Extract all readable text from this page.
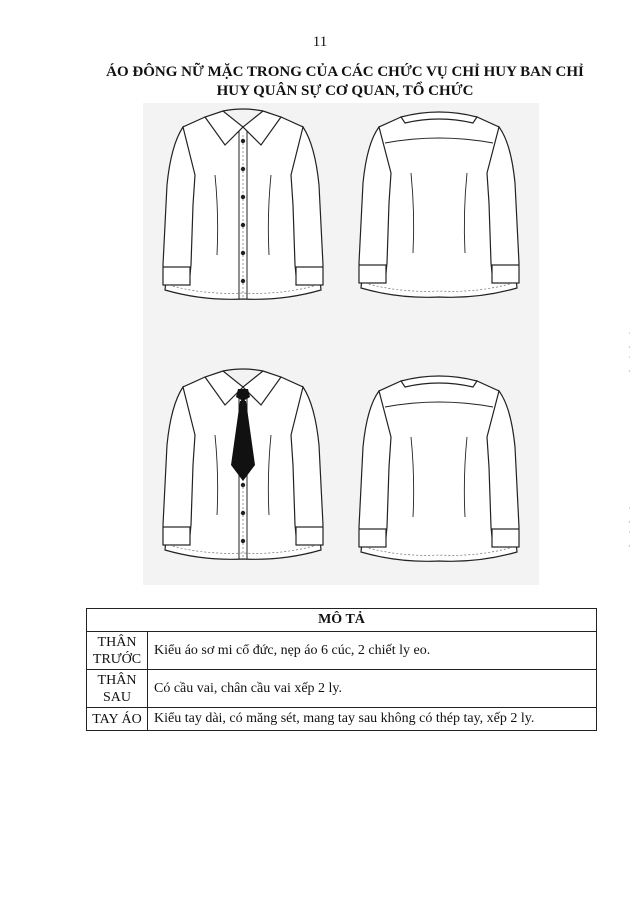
11
ÁO ĐÔNG NỮ MẶC TRONG CỦA CÁC CHỨC VỤ CHỈ HUY BAN CHỈ
HUY QUÂN SỰ CƠ QUAN, TỔ CHỨC
MÔ TẢ	

THÂN
TRƯỚC	Kiểu áo sơ mi cổ đức, nẹp áo 6 cúc, 2 chiết ly eo.

THÂN
SAU	Có cầu vai, chân cầu vai xếp 2 ly.
TAY ÁO	Kiểu tay dài, có măng sét, mang tay sau không có thép tay, xếp 2 ly.
˙
·
˙
·
˙
·
˙
·
